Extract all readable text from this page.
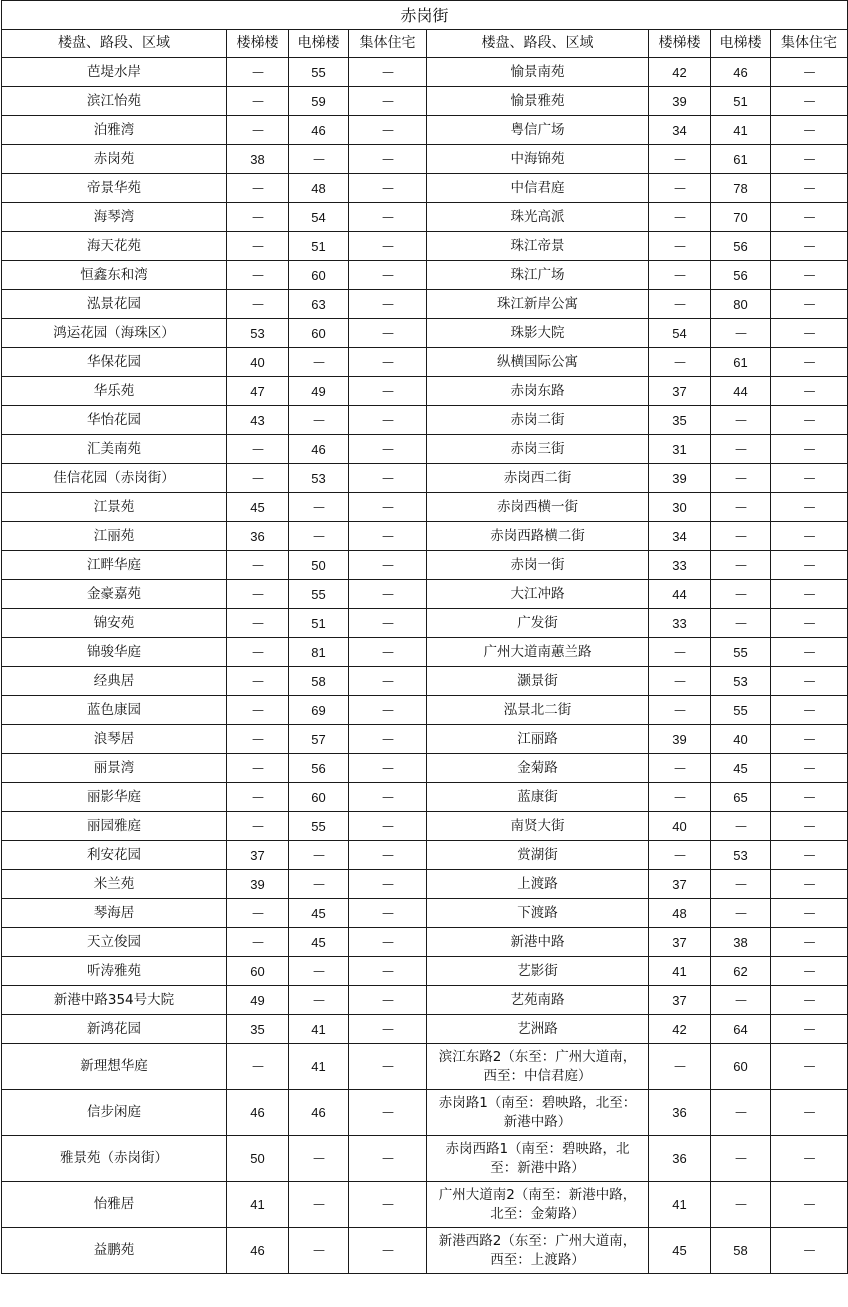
赤岗街							
楼盘、路段、区域	楼梯楼	电梯楼	集体住宅	楼盘、路段、区域	楼梯楼	电梯楼	集体住宅
芭堤水岸	—	55	—	愉景南苑	42	46	—
滨江怡苑	—	59	—	愉景雅苑	39	51	—
泊雅湾	—	46	—	粤信广场	34	41	—
赤岗苑	38	—	—	中海锦苑	—	61	—
帝景华苑	—	48	—	中信君庭	—	78	—
海琴湾	—	54	—	珠光高派	—	70	—
海天花苑	—	51	—	珠江帝景	—	56	—
恒鑫东和湾	—	60	—	珠江广场	—	56	—
泓景花园	—	63	—	珠江新岸公寓	—	80	—
鸿运花园（海珠区）	53	60	—	珠影大院	54	—	—
华保花园	40	—	—	纵横国际公寓	—	61	—
华乐苑	47	49	—	赤岗东路	37	44	—
华怡花园	43	—	—	赤岗二街	35	—	—
汇美南苑	—	46	—	赤岗三街	31	—	—
佳信花园（赤岗街）	—	53	—	赤岗西二街	39	—	—
江景苑	45	—	—	赤岗西横一街	30	—	—
江丽苑	36	—	—	赤岗西路横二街	34	—	—
江畔华庭	—	50	—	赤岗一街	33	—	—
金豪嘉苑	—	55	—	大江冲路	44	—	—
锦安苑	—	51	—	广发街	33	—	—
锦骏华庭	—	81	—	广州大道南蕙兰路	—	55	—
经典居	—	58	—	灏景街	—	53	—
蓝色康园	—	69	—	泓景北二街	—	55	—
浪琴居	—	57	—	江丽路	39	40	—
丽景湾	—	56	—	金菊路	—	45	—
丽影华庭	—	60	—	蓝康街	—	65	—
丽园雅庭	—	55	—	南贤大街	40	—	—
利安花园	37	—	—	赏湖街	—	53	—
米兰苑	39	—	—	上渡路	37	—	—
琴海居	—	45	—	下渡路	48	—	—
天立俊园	—	45	—	新港中路	37	38	—
听涛雅苑	60	—	—	艺影街	41	62	—
新港中路354号大院	49	—	—	艺苑南路	37	—	—
新鸿花园	35	41	—	艺洲路	42	64	—
新理想华庭	—	41	—	滨江东路2（东至：广州大道南，西至：中信君庭）	—	60	—
信步闲庭	46	46	—	赤岗路1（南至：碧映路，北至：新港中路）	36	—	—
雅景苑（赤岗街）	50	—	—	赤岗西路1（南至：碧映路，北至：新港中路）	36	—	—
怡雅居	41	—	—	广州大道南2（南至：新港中路，北至：金菊路）	41	—	—
益鹏苑	46	—	—	新港西路2（东至：广州大道南，西至：上渡路）	45	58	—
